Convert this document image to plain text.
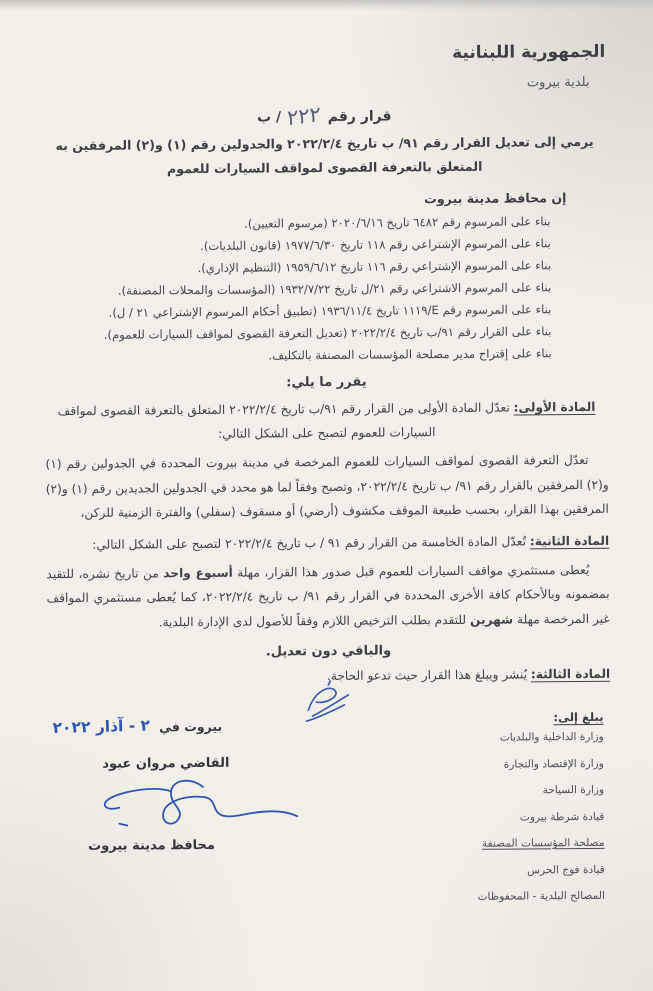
الجمهورية اللبنانية
بلدية بيروت
قرار رقم ٢٢٢ / ب
يرمي إلى تعديل القرار رقم ٩١/ ب تاريخ ٢٠٢٢/٢/٤ والجدولين رقم (١) و(٢) المرفقين به
المتعلق بالتعرفة القصوى لمواقف السيارات للعموم
إن محافظ مدينة بيروت
بناء على المرسوم رقم ٦٤٨٢ تاريخ ٢٠٢٠/٦/١٦ (مرسوم التعيين).
بناء على المرسوم الإشتراعي رقم ١١٨ تاريخ ١٩٧٧/٦/٣٠ (قانون البلديات).
بناء على المرسوم الإشتراعي رقم ١١٦ تاريخ ١٩٥٩/٦/١٢ (التنظيم الإداري).
بناء على المرسوم الاشتراعي رقم ٢١/ل تاريخ ١٩٣٢/٧/٢٢ (المؤسسات والمحلات المصنفة).
بناء على المرسوم رقم E/١١١٩ تاريخ ١٩٣٦/١١/٤ (تطبيق أحكام المرسوم الإشتراعي ٢١ / ل).
بناء على القرار رقم ٩١/ب تاريخ ٢٠٢٢/٢/٤ (تعديل التعرفة القصوى لمواقف السيارات للعموم).
بناء على إقتراح مدير مصلحة المؤسسات المصنفة بالتكليف.
يقرر ما يلي:

المادة الأولى: تعدّل المادة الأولى من القرار رقم ٩١/ب تاريخ ٢٠٢٢/٢/٤ المتعلق بالتعرفة القصوى لمواقف السيارات للعموم لتصبح على الشكل التالي:

تعدّل التعرفة القصوى لمواقف السيارات للعموم المرخصة في مدينة بيروت المحددة في الجدولين رقم (١) و(٢) المرفقين بالقرار رقم ٩١/ ب تاريخ ٢٠٢٢/٢/٤، وتصبح وفقاً لما هو محدد في الجدولين الجديدين رقم (١) و(٢) المرفقين بهذا القرار، بحسب طبيعة الموقف مكشوف (أرضي) أو مسقوف (سفلي) والفترة الزمنية للركن،

المادة الثانية: تُعدّل المادة الخامسة من القرار رقم ٩١ / ب تاريخ ٢٠٢٢/٢/٤ لتصبح على الشكل التالي:

يُعطى مستثمري مواقف السيارات للعموم قبل صدور هذا القرار، مهلة أسبوع واحد من تاريخ نشره، للتقيد بمضمونه وبالأحكام كافة الأخرى المحددة في القرار رقم ٩١/ ب تاريخ ٢٠٢٢/٢/٤، كما يُعطى مستثمري المواقف غير المرخصة مهلة شهرين للتقدم بطلب الترخيص اللازم وفقاً للأصول لدى الإدارة البلدية.

والباقي دون تعديل.

المادة الثالثة: يُنشر ويبلغ هذا القرار حيث تدعو الحاجة.

بيروت في
٢ - آذار ٢٠٢٢
القاضي مروان عبود
محافظ مدينة بيروت
يبلغ إلى:
وزارة الداخلية والبلديات
وزارة الإقتصاد والتجارة
وزارة السياحة
قيادة شرطة بيروت
مصلحة المؤسسات المصنفة
قيادة فوج الحرس
المصالح البلدية - المحفوظات
